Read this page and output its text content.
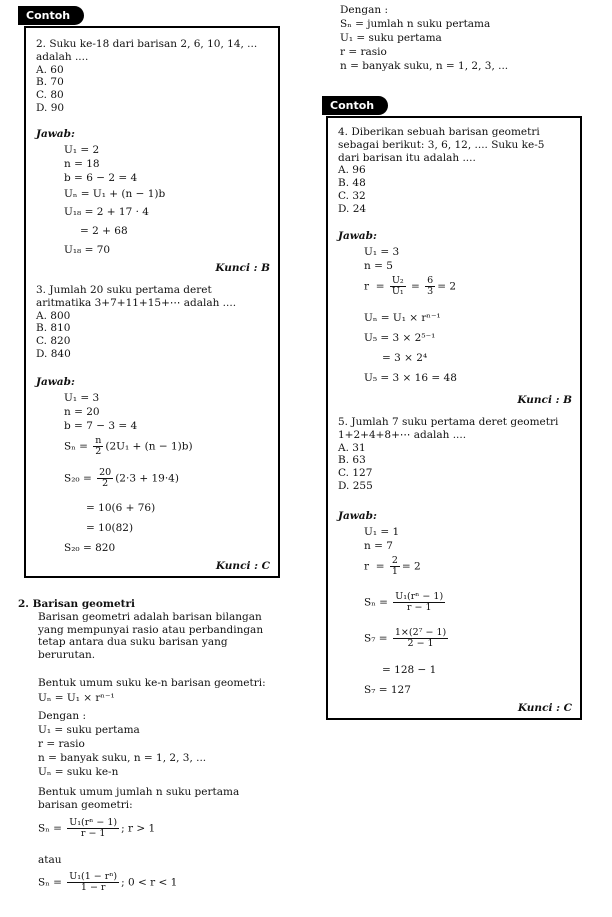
Contoh

2. Suku ke-18 dari barisan 2, 6, 10, 14, ...

adalah ....

A. 60

B. 70

C. 80

D. 90

Jawab:
U₁ = 2
n = 18
b = 6 − 2 = 4
Uₙ = U₁ + (n − 1)b
U₁₈ = 2 + 17 · 4
= 2 + 68
U₁₈ = 70
Kunci : B

3. Jumlah 20 suku pertama deret

aritmatika 3+7+11+15+⋯ adalah ....

A. 800

B. 810

C. 820

D. 840

Jawab:
U₁ = 3
n = 20
b = 7 − 3 = 4
$S_n = \frac{n}{2} (2U_1 + (n - 1)b)$
$S_{20} = \frac{20}{2} (2\cdot 3 + 19\cdot 4)$
= 10(6 + 76)
= 10(82)
S₂₀ = 820
Kunci : C
2. Barisan geometri

Barisan geometri adalah barisan bilangan

yang mempunyai rasio atau perbandingan

tetap antara dua suku barisan yang

berurutan.

Bentuk umum suku ke-n barisan geometri:
Uₙ = U₁ × rⁿ⁻¹
Dengan :
U₁ = suku pertama
r = rasio
n = banyak suku, n = 1, 2, 3, ...
Uₙ = suku ke-n

Bentuk umum jumlah n suku pertama

barisan geometri:

$S_n = \frac{\text{U₁(rⁿ − 1)}}{r - 1}$ ; r > 1
atau
$S_n = \frac{\text{U₁(1 − rⁿ)}}{1 - r}$ ; 0 < r < 1
Dengan :
Sₙ = jumlah n suku pertama
U₁ = suku pertama
r = rasio
n = banyak suku, n = 1, 2, 3, ...
Contoh

4. Diberikan sebuah barisan geometri

sebagai berikut: 3, 6, 12, .... Suku ke-5

dari barisan itu adalah ....

A. 96

B. 48

C. 32

D. 24

Jawab:
U₁ = 3
n = 5
$r = \frac{\text{U₂}}{\text{U₁}} = \frac{6}{3} = 2$
Uₙ = U₁ × rⁿ⁻¹
U₅ = 3 × 2⁵⁻¹
= 3 × 2⁴
U₅ = 3 × 16 = 48
Kunci : B

5. Jumlah 7 suku pertama deret geometri

1+2+4+8+⋯ adalah ....

A. 31

B. 63

C. 127

D. 255

Jawab:
U₁ = 1
n = 7
$r = \frac{2}{1} = 2$
$S_n = \frac{\text{U₁(rⁿ − 1)}}{r - 1}$
$S_7 = \frac{\text{1×(2⁷ − 1)}}{2 - 1}$
= 128 − 1
S₇ = 127
Kunci : C
